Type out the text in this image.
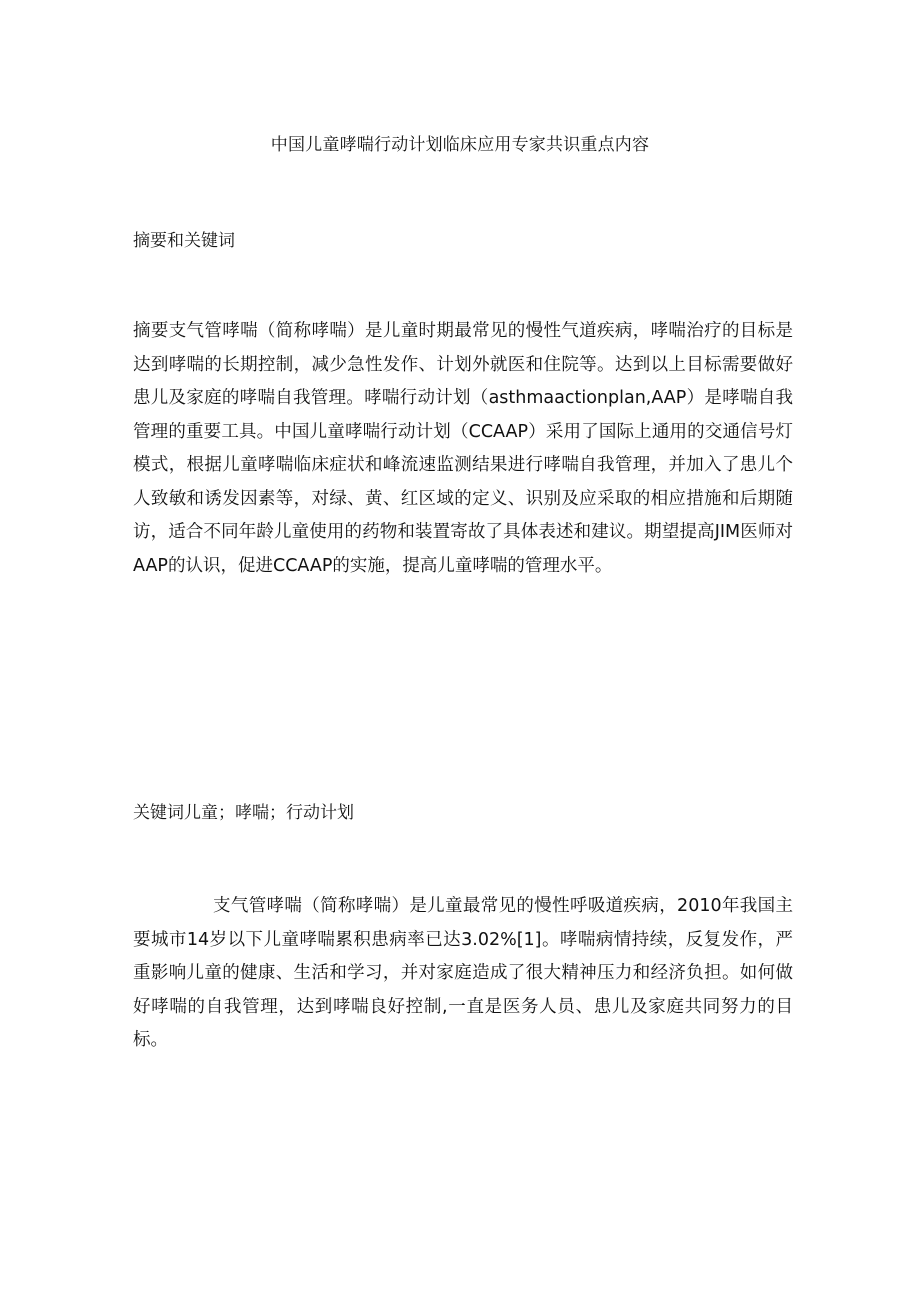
中国儿童哮喘行动计划临床应用专家共识重点内容
摘要和关键词

摘要支气管哮喘（简称哮喘）是儿童时期最常见的慢性气道疾病，哮喘治疗的目标是达到哮喘的长期控制，减少急性发作、计划外就医和住院等。达到以上目标需要做好患儿及家庭的哮喘自我管理。哮喘行动计划（asthmaactionplan,AAP）是哮喘自我管理的重要工具。中国儿童哮喘行动计划（CCAAP）采用了国际上通用的交通信号灯模式，根据儿童哮喘临床症状和峰流速监测结果进行哮喘自我管理，并加入了患儿个人致敏和诱发因素等，对绿、黄、红区域的定义、识别及应采取的相应措施和后期随访，适合不同年龄儿童使用的药物和装置寄故了具体表述和建议。期望提高JIM医师对AAP的认识，促进CCAAP的实施，提高儿童哮喘的管理水平。

关键词儿童；哮喘；行动计划

支气管哮喘（简称哮喘）是儿童最常见的慢性呼吸道疾病，2010年我国主要城市14岁以下儿童哮喘累积患病率已达3.02%[1]。哮喘病情持续，反复发作，严重影响儿童的健康、生活和学习，并对家庭造成了很大精神压力和经济负担。如何做好哮喘的自我管理，达到哮喘良好控制,一直是医务人员、患儿及家庭共同努力的目标。
